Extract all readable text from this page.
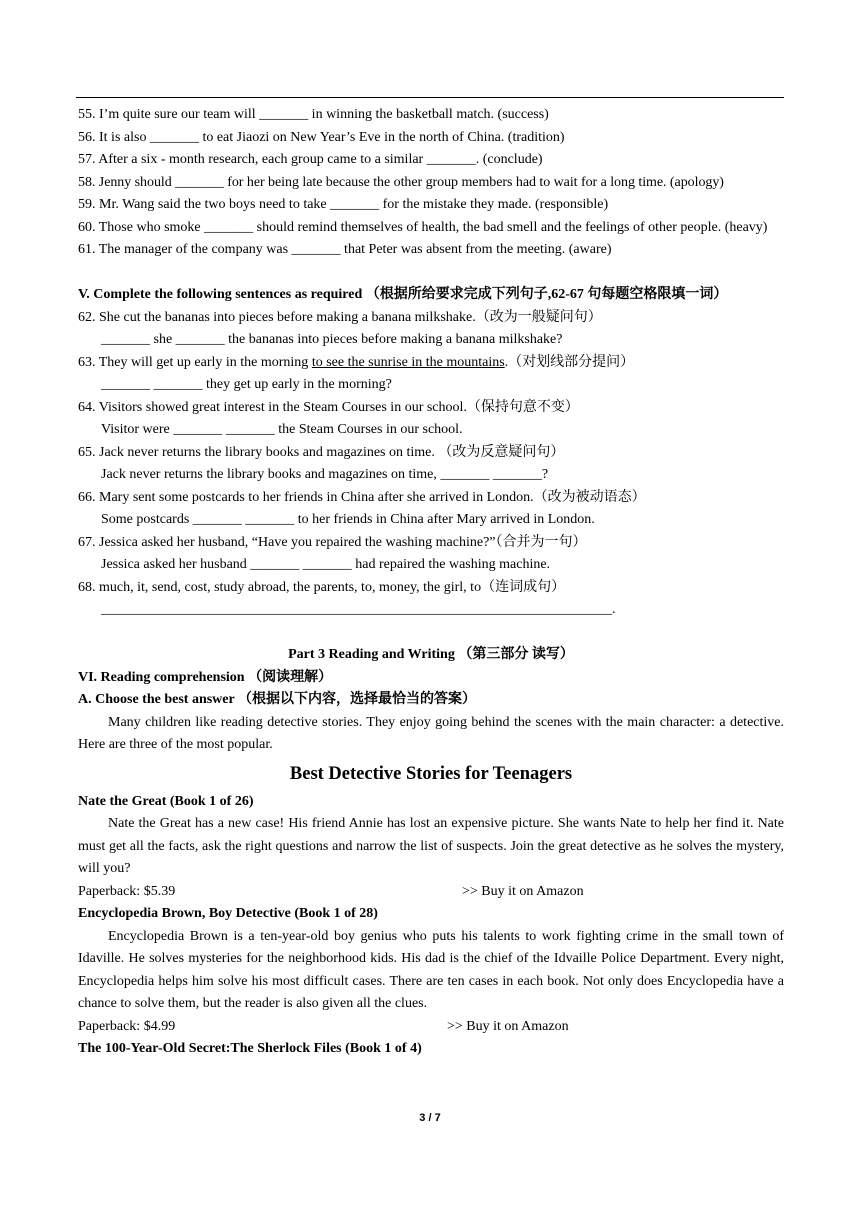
55. I’m quite sure our team will _______ in winning the basketball match. (success)
56. It is also _______ to eat Jiaozi on New Year’s Eve in the north of China. (tradition)
57. After a six - month research, each group came to a similar _______. (conclude)
58. Jenny should _______ for her being late because the other group members had to wait for a long time. (apology)
59. Mr. Wang said the two boys need to take _______ for the mistake they made. (responsible)
60. Those who smoke _______ should remind themselves of health, the bad smell and the feelings of other people. (heavy)
61. The manager of the company was _______ that Peter was absent from the meeting. (aware)
V. Complete the following sentences as required （根据所给要求完成下列句子,62-67 句每题空格限填一词）
62. She cut the bananas into pieces before making a banana milkshake.（改为一般疑问句）
_______ she _______ the bananas into pieces before making a banana milkshake?
63. They will get up early in the morning to see the sunrise in the mountains.（对划线部分提问）
_______ _______ they get up early in the morning?
64. Visitors showed great interest in the Steam Courses in our school.（保持句意不变）
Visitor were _______ _______ the Steam Courses in our school.
65. Jack never returns the library books and magazines on time. （改为反意疑问句）
Jack never returns the library books and magazines on time, _______ _______?
66. Mary sent some postcards to her friends in China after she arrived in London.（改为被动语态）
Some postcards _______ _______ to her friends in China after Mary arrived in London.
67. Jessica asked her husband, “Have you repaired the washing machine?”（合并为一句）
Jessica asked her husband _______ _______ had repaired the washing machine.
68. much, it, send, cost, study abroad, the parents, to, money, the girl, to（连词成句）
_________________________________________________________________________.
Part 3 Reading and Writing （第三部分 读写）
VI. Reading comprehension （阅读理解）
A. Choose the best answer （根据以下内容，选择最恰当的答案）
Many children like reading detective stories. They enjoy going behind the scenes with the main character: a detective. Here are three of the most popular.
Best Detective Stories for Teenagers
Nate the Great (Book 1 of 26)
Nate the Great has a new case! His friend Annie has lost an expensive picture. She wants Nate to help her find it. Nate must get all the facts, ask the right questions and narrow the list of suspects. Join the great detective as he solves the mystery, will you?
Paperback: $5.39	>> Buy it on Amazon
Encyclopedia Brown, Boy Detective (Book 1 of 28)
Encyclopedia Brown is a ten-year-old boy genius who puts his talents to work fighting crime in the small town of Idaville. He solves mysteries for the neighborhood kids. His dad is the chief of the Idvaille Police Department. Every night, Encyclopedia helps him solve his most difficult cases. There are ten cases in each book. Not only does Encyclopedia have a chance to solve them, but the reader is also given all the clues.
Paperback: $4.99	>> Buy it on Amazon
The 100-Year-Old Secret:The Sherlock Files (Book 1 of 4)
3 / 7
